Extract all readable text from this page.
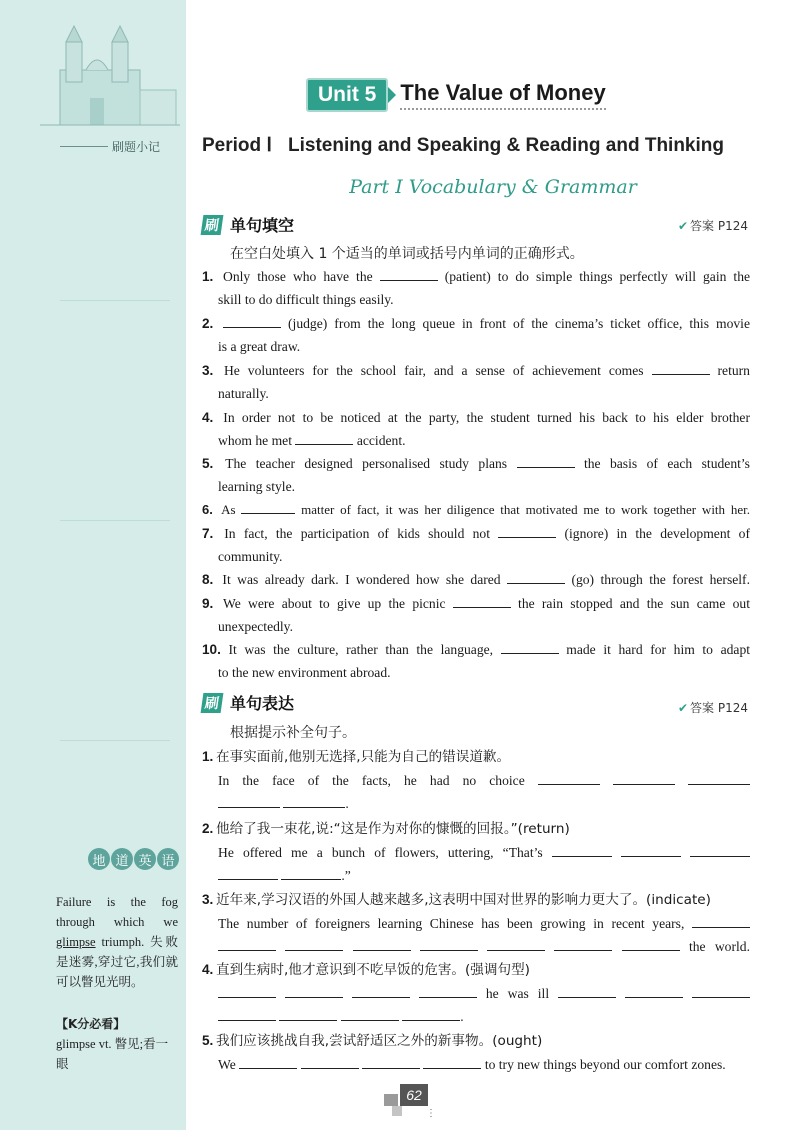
刷题小记
地 道 英 语
Failure is the fog through which we glimpse triumph. 失败是迷雾,穿过它,我们就可以瞥见光明。
【K分必看】
glimpse vt. 瞥见;看一眼
Unit 5	The Value of Money
Period Ⅰ Listening and Speaking & Reading and Thinking
Part I Vocabulary & Grammar
刷 单句填空	✔ 答案 P124
在空白处填入 1 个适当的单词或括号内单词的正确形式。
1. Only those who have the	(patient) to do simple things perfectly will gain the
skill to do difficult things easily.
2.	(judge) from the long queue in front of the cinema’s ticket office, this movie
is a great draw.
3. He volunteers for the school fair, and a sense of achievement comes	return
naturally.
4. In order not to be noticed at the party, the student turned his back to his elder brother
whom he met	accident.
5. The teacher designed personalised study plans	the basis of each student’s
learning style.
6. As	matter of fact, it was her diligence that motivated me to work together with her.
7. In fact, the participation of kids should not	(ignore) in the development of
community.
8. It was already dark. I wondered how she dared	(go) through the forest herself.
9. We were about to give up the picnic	the rain stopped and the sun came out
unexpectedly.
10. It was the culture, rather than the language,	made it hard for him to adapt
to the new environment abroad.
刷 单句表达	✔ 答案 P124
根据提示补全句子。
1. 在事实面前,他别无选择,只能为自己的错误道歉。
In the face of the facts, he had no choice
.
2. 他给了我一束花,说:“这是作为对你的慷慨的回报。”(return)
He offered me a bunch of flowers, uttering, “That’s
.”
3. 近年来,学习汉语的外国人越来越多,这表明中国对世界的影响力更大了。(indicate)
The number of foreigners learning Chinese has been growing in recent years,
the world.
4. 直到生病时,他才意识到不吃早饭的危害。(强调句型)
he was ill
.
5. 我们应该挑战自我,尝试舒适区之外的新事物。(ought)
We	to try new things beyond our comfort zones.
62
⋮
